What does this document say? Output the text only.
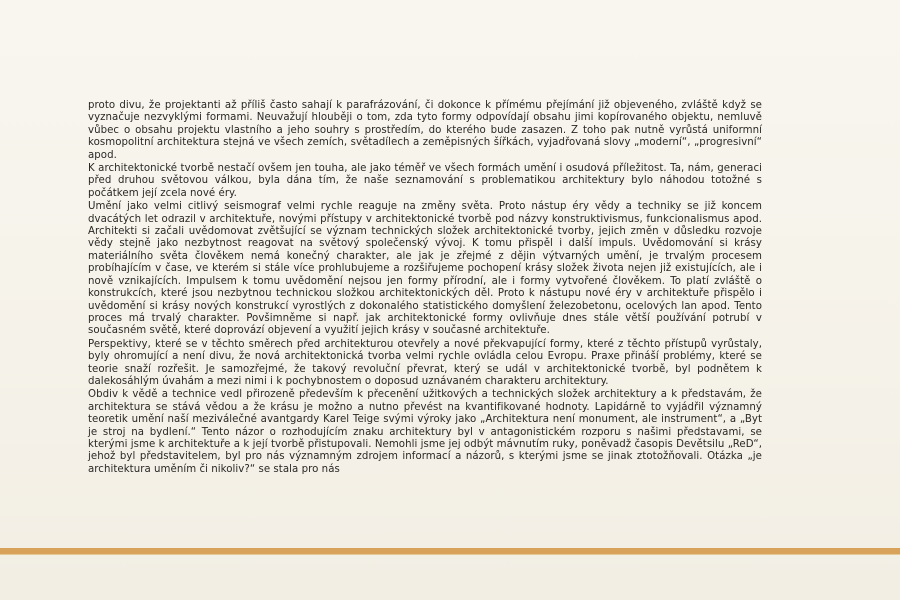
proto divu, že projektanti až příliš často sahají k parafrázování, či dokonce k přímému přejímání již objeveného, zvláště když se vyznačuje nezvyklými formami. Neuvažují hlouběji o tom, zda tyto formy odpovídají obsahu jimi kopírovaného objektu, nemluvě vůbec o obsahu projektu vlastního a jeho souhry s prostředím, do kterého bude zasazen. Z toho pak nutně vyrůstá uniformní kosmopolitní architektura stejná ve všech zemích, světadílech a zeměpisných šířkách, vyjadřovaná slovy „moderní“, „progresivní“ apod.

K architektonické tvorbě nestačí ovšem jen touha, ale jako téměř ve všech formách umění i osudová příležitost. Ta, nám, generaci před druhou světovou válkou, byla dána tím, že naše seznamování s problematikou architektury bylo náhodou totožné s počátkem její zcela nové éry.

Umění jako velmi citlivý seismograf velmi rychle reaguje na změny světa. Proto nástup éry vědy a techniky se již koncem dvacátých let odrazil v architektuře, novými přístupy v architektonické tvorbě pod názvy konstruktivismus, funkcionalismus apod. Architekti si začali uvědomovat zvětšující se význam technických složek architektonické tvorby, jejich změn v důsledku rozvoje vědy stejně jako nezbytnost reagovat na světový společenský vývoj. K tomu přispěl i další impuls. Uvědomování si krásy materiálního světa člověkem nemá konečný charakter, ale jak je zřejmé z dějin výtvarných umění, je trvalým procesem probíhajícím v čase, ve kterém si stále více prohlubujeme a rozšiřujeme pochopení krásy složek života nejen již existujících, ale i nově vznikajících. Impulsem k tomu uvědomění nejsou jen formy přírodní, ale i formy vytvořené člověkem. To platí zvláště o konstrukcích, které jsou nezbytnou technickou složkou architektonických děl. Proto k nástupu nové éry v architektuře přispělo i uvědomění si krásy nových konstrukcí vyrostlých z dokonalého statistického domyšlení železobetonu, ocelových lan apod. Tento proces má trvalý charakter. Povšimněme si např. jak architektonické formy ovlivňuje dnes stále větší používání potrubí v současném světě, které doprovází objevení a využití jejich krásy v současné architektuře.

Perspektivy, které se v těchto směrech před architekturou otevřely a nové překvapující formy, které z těchto přístupů vyrůstaly, byly ohromující a není divu, že nová architektonická tvorba velmi rychle ovládla celou Evropu. Praxe přináší problémy, které se teorie snaží rozřešit. Je samozřejmé, že takový revoluční převrat, který se udál v architektonické tvorbě, byl podnětem k dalekosáhlým úvahám a mezi nimi i k pochybnostem o doposud uznávaném charakteru architektury.

Obdiv k vědě a technice vedl přirozeně především k přecenění užitkových a technických složek architektury a k představám, že architektura se stává vědou a že krásu je možno a nutno převést na kvantifikované hodnoty. Lapidárně to vyjádřil významný teoretik umění naší meziválečné avantgardy Karel Teige svými výroky jako „Architektura není monument, ale instrument“, a „Byt je stroj na bydlení.“ Tento názor o rozhodujícím znaku architektury byl v antagonistickém rozporu s našimi představami, se kterými jsme k architektuře a k její tvorbě přistupovali. Nemohli jsme jej odbýt mávnutím ruky, poněvadž časopis Devětsilu „ReD“, jehož byl představitelem, byl pro nás významným zdrojem informací a názorů, s kterými jsme se jinak ztotožňovali. Otázka „je architektura uměním či nikoliv?“ se stala pro nás
